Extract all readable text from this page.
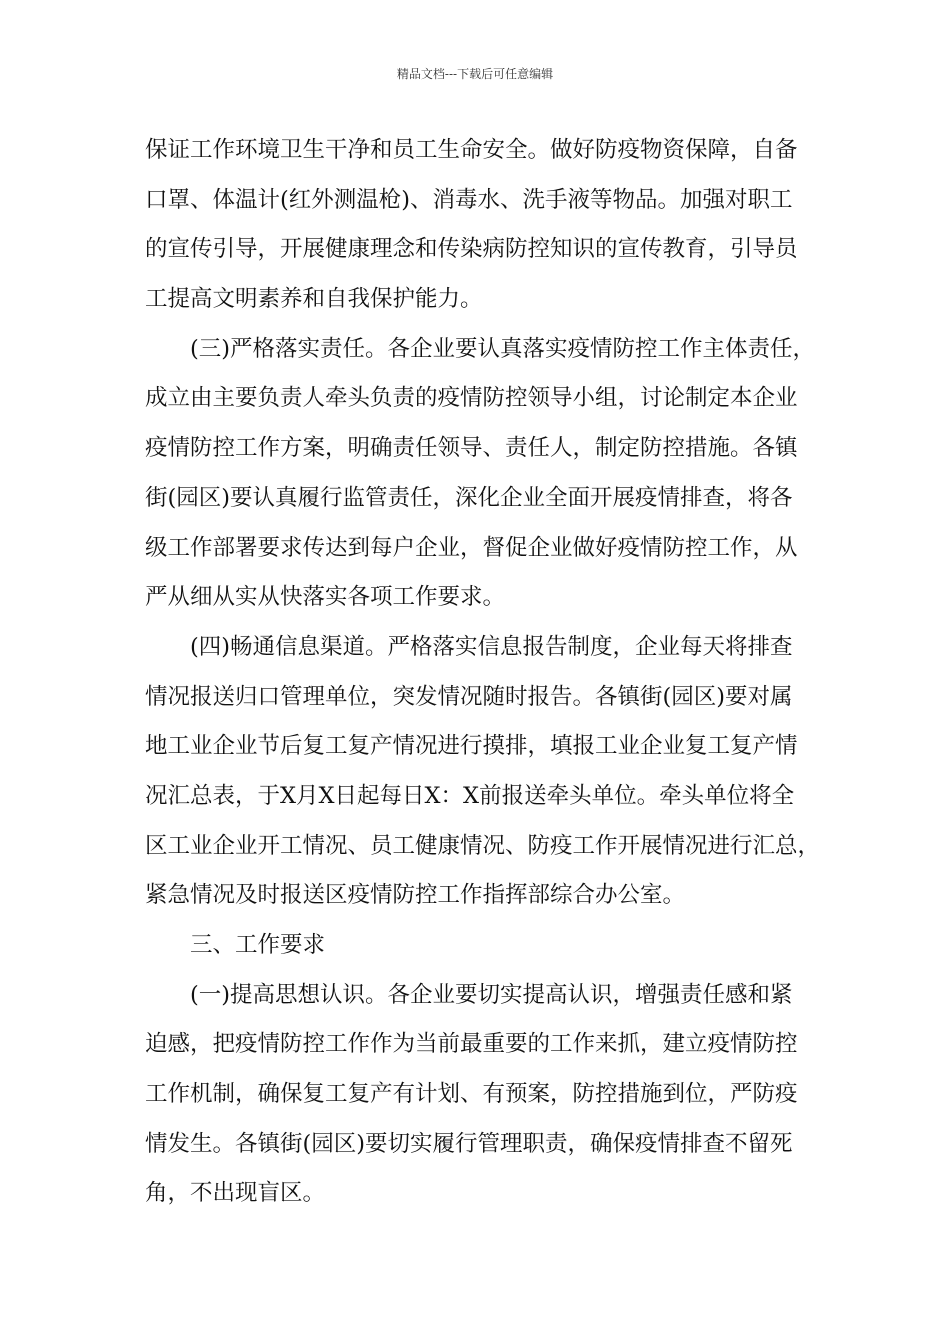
精品文档---下载后可任意编辑
保证工作环境卫生干净和员工生命安全。做好防疫物资保障，自备
口罩、体温计(红外测温枪)、消毒水、洗手液等物品。加强对职工
的宣传引导，开展健康理念和传染病防控知识的宣传教育，引导员
工提高文明素养和自我保护能力。
(三)严格落实责任。各企业要认真落实疫情防控工作主体责任，
成立由主要负责人牵头负责的疫情防控领导小组，讨论制定本企业
疫情防控工作方案，明确责任领导、责任人，制定防控措施。各镇
街(园区)要认真履行监管责任，深化企业全面开展疫情排查，将各
级工作部署要求传达到每户企业，督促企业做好疫情防控工作，从
严从细从实从快落实各项工作要求。
(四)畅通信息渠道。严格落实信息报告制度，企业每天将排查
情况报送归口管理单位，突发情况随时报告。各镇街(园区)要对属
地工业企业节后复工复产情况进行摸排，填报工业企业复工复产情
况汇总表，于X月X日起每日X：X前报送牵头单位。牵头单位将全
区工业企业开工情况、员工健康情况、防疫工作开展情况进行汇总，
紧急情况及时报送区疫情防控工作指挥部综合办公室。
三、工作要求
(一)提高思想认识。各企业要切实提高认识，增强责任感和紧
迫感，把疫情防控工作作为当前最重要的工作来抓，建立疫情防控
工作机制，确保复工复产有计划、有预案，防控措施到位，严防疫
情发生。各镇街(园区)要切实履行管理职责，确保疫情排查不留死
角，不出现盲区。
